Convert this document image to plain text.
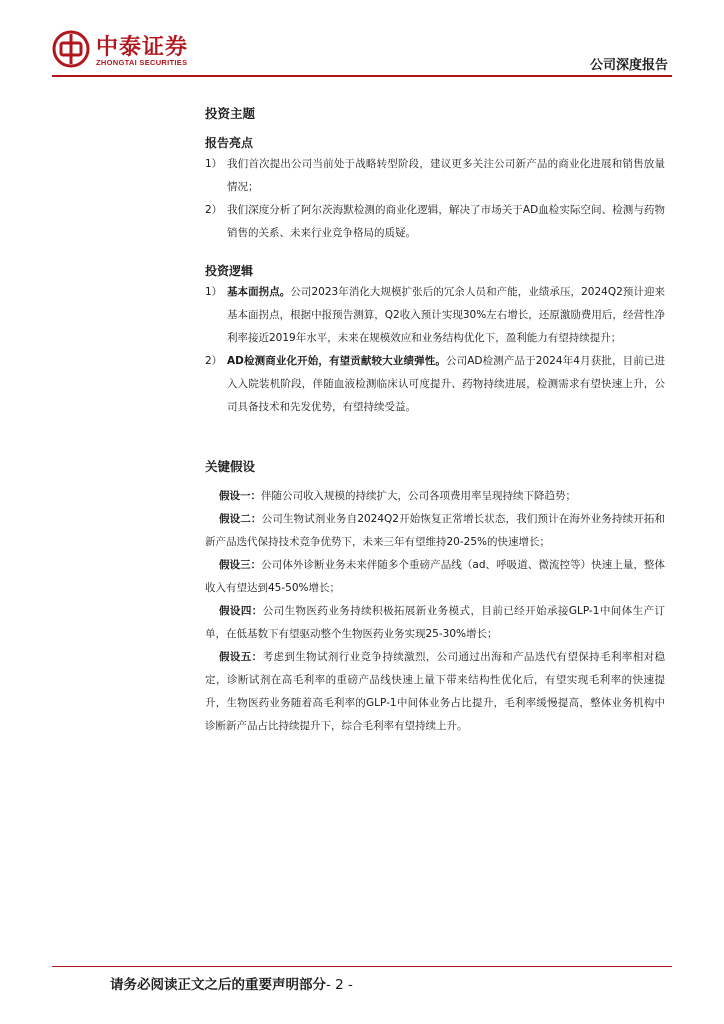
中泰证券
ZHONGTAI SECURITIES	公司深度报告
投资主题
报告亮点
1） 我们首次提出公司当前处于战略转型阶段，建议更多关注公司新产品的商业化进展和销售放量情况；
2） 我们深度分析了阿尔茨海默检测的商业化逻辑，解决了市场关于AD血检实际空间、检测与药物销售的关系、未来行业竞争格局的质疑。
投资逻辑
1） 基本面拐点。公司2023年消化大规模扩张后的冗余人员和产能，业绩承压，2024Q2预计迎来基本面拐点，根据中报预告测算，Q2收入预计实现30%左右增长，还原激励费用后，经营性净利率接近2019年水平，未来在规模效应和业务结构优化下，盈利能力有望持续提升；
2） AD检测商业化开始，有望贡献较大业绩弹性。公司AD检测产品于2024年4月获批，目前已进入入院装机阶段，伴随血液检测临床认可度提升、药物持续进展，检测需求有望快速上升，公司具备技术和先发优势，有望持续受益。
关键假设

假设一：伴随公司收入规模的持续扩大，公司各项费用率呈现持续下降趋势；

假设二：公司生物试剂业务自2024Q2开始恢复正常增长状态，我们预计在海外业务持续开拓和新产品迭代保持技术竞争优势下，未来三年有望维持20-25%的快速增长；

假设三：公司体外诊断业务未来伴随多个重磅产品线（ad、呼吸道、微流控等）快速上量，整体收入有望达到45-50%增长；

假设四：公司生物医药业务持续积极拓展新业务模式，目前已经开始承接GLP-1中间体生产订单，在低基数下有望驱动整个生物医药业务实现25-30%增长；

假设五：考虑到生物试剂行业竞争持续激烈，公司通过出海和产品迭代有望保持毛利率相对稳定，诊断试剂在高毛利率的重磅产品线快速上量下带来结构性优化后，有望实现毛利率的快速提升，生物医药业务随着高毛利率的GLP-1中间体业务占比提升，毛利率缓慢提高，整体业务机构中诊断新产品占比持续提升下，综合毛利率有望持续上升。

请务必阅读正文之后的重要声明部分- 2 -
